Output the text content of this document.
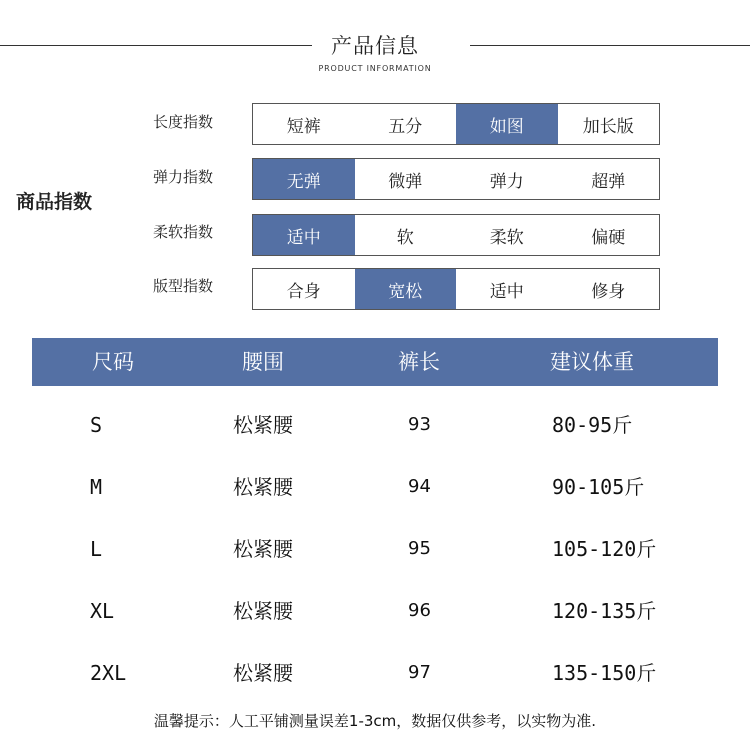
产品信息
PRODUCT INFORMATION
商品指数
长度指数	短裤	五分	如图	加长版
弹力指数	无弹	微弹	弹力	超弹
柔软指数	适中	软	柔软	偏硬
版型指数	合身	宽松	适中	修身
尺码	腰围	裤长	建议体重
S	松紧腰	93	80-95斤
M	松紧腰	94	90-105斤
L	松紧腰	95	105-120斤
XL	松紧腰	96	120-135斤
2XL	松紧腰	97	135-150斤
温馨提示：人工平铺测量误差1-3cm，数据仅供参考，以实物为准.
